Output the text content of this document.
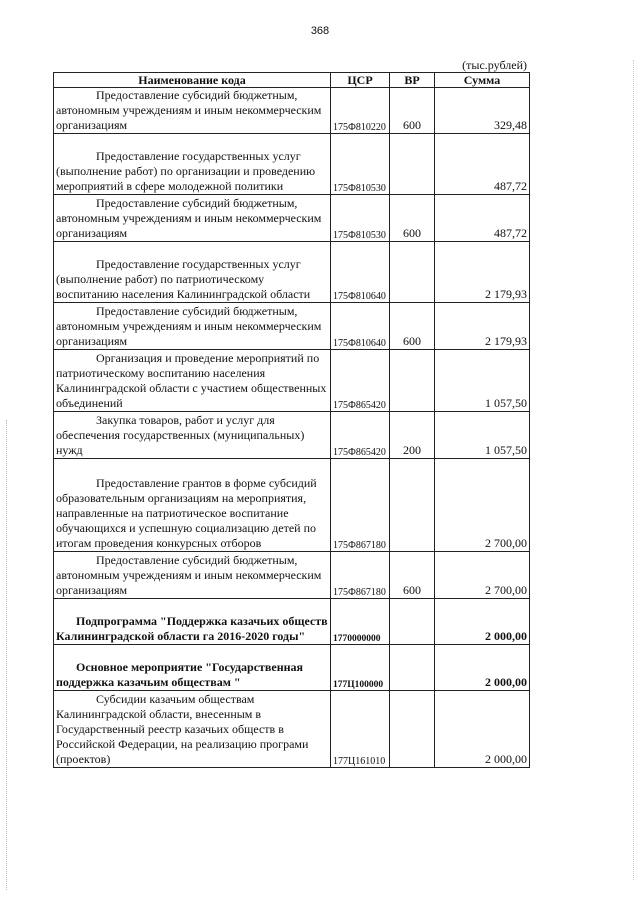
368
(тыс.рублей)
Наименование кода	ЦСР	ВР	Сумма

Предоставление субсидий бюджетным, автономным учреждениям и иным некоммерческим организациям	175Ф810220	600	329,48

Предоставление государственных услуг (выполнение работ) по организации и проведению мероприятий в сфере молодежной политики	175Ф810530		487,72

Предоставление субсидий бюджетным, автономным учреждениям и иным некоммерческим организациям	175Ф810530	600	487,72

Предоставление государственных услуг (выполнение работ) по патриотическому воспитанию населения Калининградской области	175Ф810640		2 179,93

Предоставление субсидий бюджетным, автономным учреждениям и иным некоммерческим организациям	175Ф810640	600	2 179,93

Организация и проведение мероприятий по патриотическому воспитанию населения Калининградской области с участием общественных объединений	175Ф865420		1 057,50

Закупка товаров, работ и услуг для обеспечения государственных (муниципальных) нужд	175Ф865420	200	1 057,50

Предоставление грантов в форме субсидий образовательным организациям на мероприятия, направленные на патриотическое воспитание обучающихся и успешную социализацию детей по итогам проведения конкурсных отборов	175Ф867180		2 700,00

Предоставление субсидий бюджетным, автономным учреждениям и иным некоммерческим организациям	175Ф867180	600	2 700,00

Подпрограмма "Поддержка казачьих обществ Калининградской области га 2016-2020 годы"	1770000000		2 000,00

Основное мероприятие "Государственная поддержка казачьим обществам "	177Ц100000		2 000,00

Субсидии казачьим обществам Калининградской области, внесенным в Государственный реестр казачьих обществ в Российской Федерации, на реализацию програми (проектов)	177Ц161010		2 000,00
